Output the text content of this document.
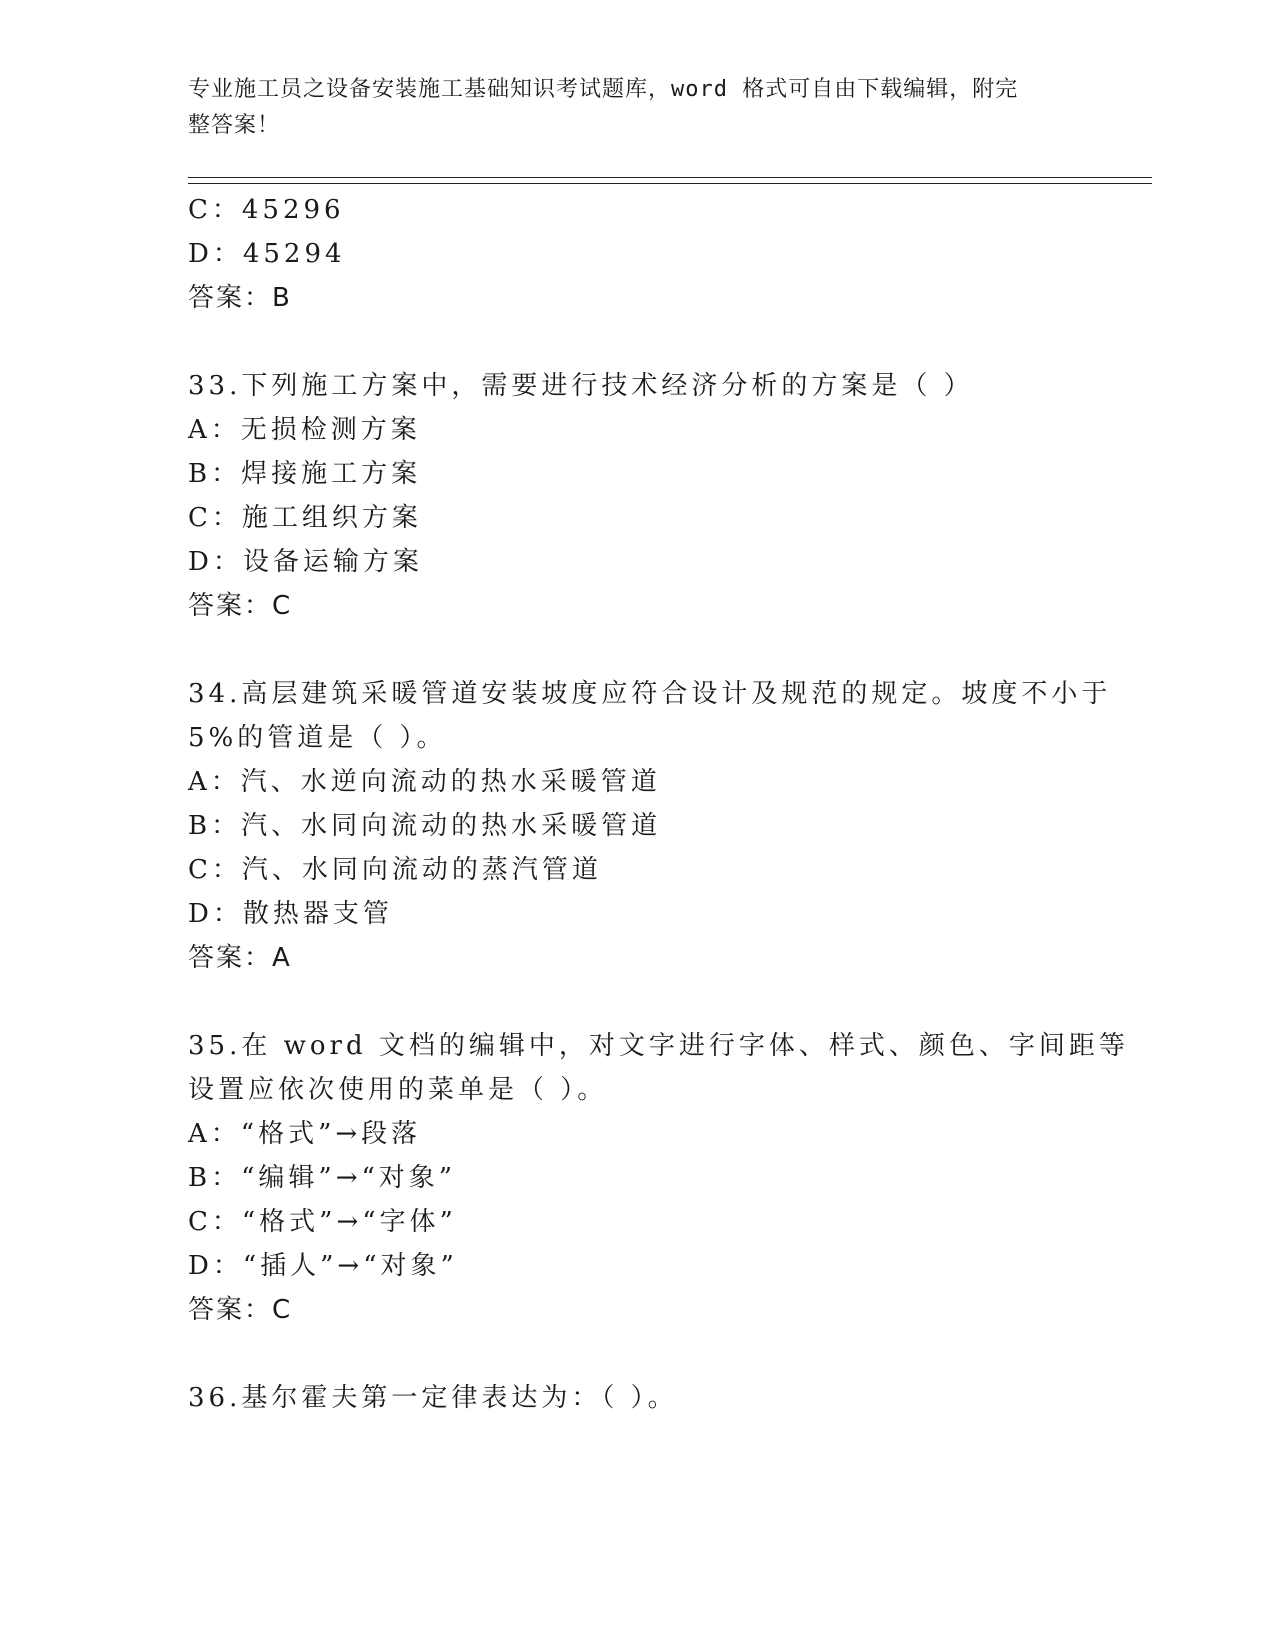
专业施工员之设备安装施工基础知识考试题库，word 格式可自由下载编辑，附完
整答案！
C：45296
D：45294
答案：B
33.下列施工方案中，需要进行技术经济分析的方案是（ ）
A：无损检测方案
B：焊接施工方案
C：施工组织方案
D：设备运输方案
答案：C
34.高层建筑采暖管道安装坡度应符合设计及规范的规定。坡度不小于
5%的管道是（ ）。
A：汽、水逆向流动的热水采暖管道
B：汽、水同向流动的热水采暖管道
C：汽、水同向流动的蒸汽管道
D：散热器支管
答案：A
35.在 word 文档的编辑中，对文字进行字体、样式、颜色、字间距等
设置应依次使用的菜单是（ ）。
A：“格式”→段落
B：“编辑”→“对象”
C：“格式”→“字体”
D：“插人”→“对象”
答案：C
36.基尔霍夫第一定律表达为：（ ）。
